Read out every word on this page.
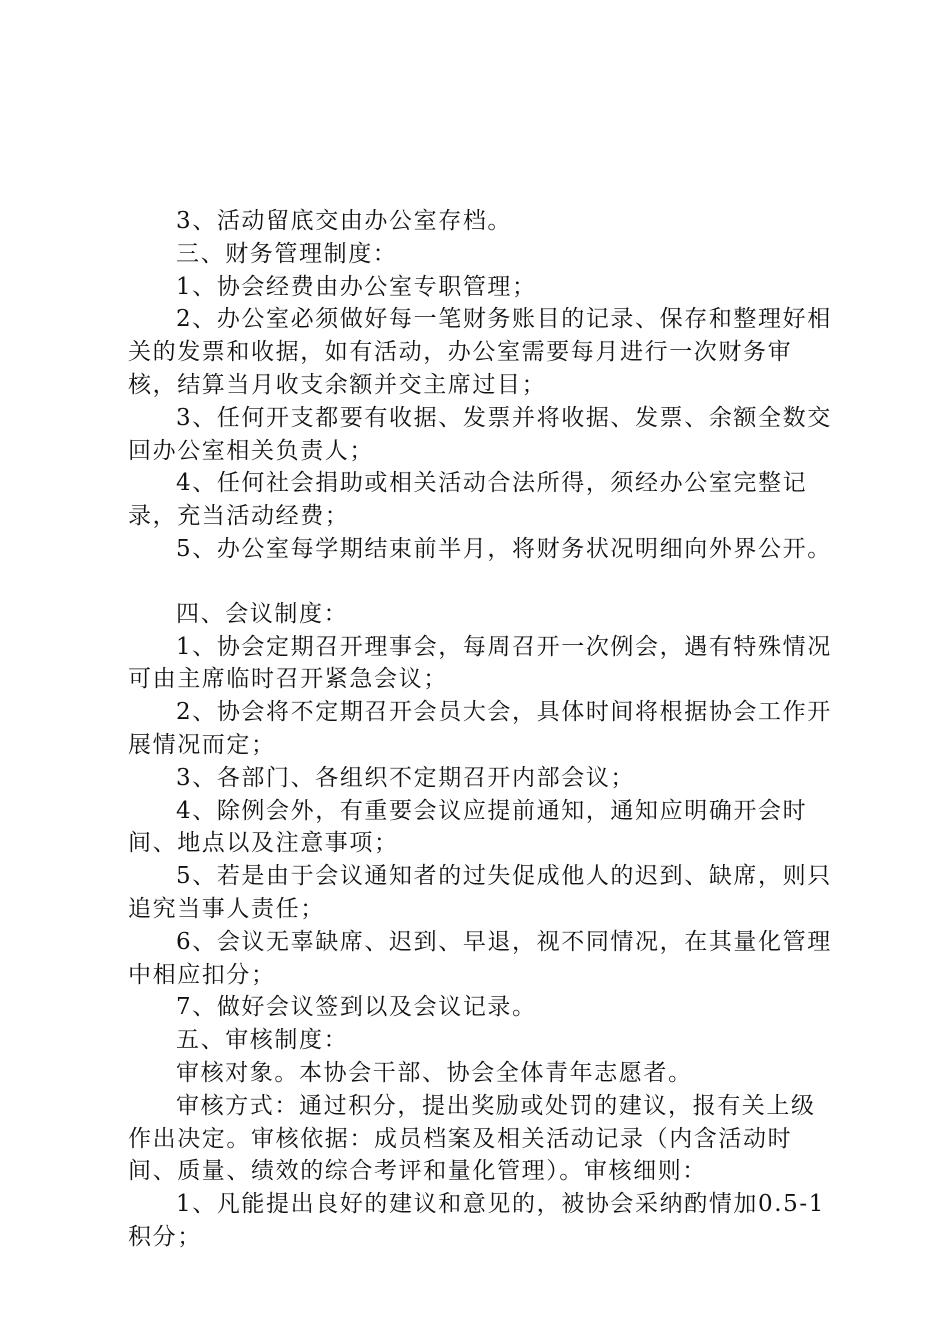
3、活动留底交由办公室存档。

三、财务管理制度：

1、协会经费由办公室专职管理；

2、办公室必须做好每一笔财务账目的记录、保存和整理好相关的发票和收据，如有活动，办公室需要每月进行一次财务审核，结算当月收支余额并交主席过目；

3、任何开支都要有收据、发票并将收据、发票、余额全数交回办公室相关负责人；

4、任何社会捐助或相关活动合法所得，须经办公室完整记录，充当活动经费；

5、办公室每学期结束前半月，将财务状况明细向外界公开。

四、会议制度：

1、协会定期召开理事会，每周召开一次例会，遇有特殊情况可由主席临时召开紧急会议；

2、协会将不定期召开会员大会，具体时间将根据协会工作开展情况而定；

3、各部门、各组织不定期召开内部会议；

4、除例会外，有重要会议应提前通知，通知应明确开会时间、地点以及注意事项；

5、若是由于会议通知者的过失促成他人的迟到、缺席，则只追究当事人责任；

6、会议无辜缺席、迟到、早退，视不同情况，在其量化管理中相应扣分；

7、做好会议签到以及会议记录。

五、审核制度：

审核对象。本协会干部、协会全体青年志愿者。

审核方式：通过积分，提出奖励或处罚的建议，报有关上级作出决定。审核依据：成员档案及相关活动记录（内含活动时间、质量、绩效的综合考评和量化管理）。审核细则：

1、凡能提出良好的建议和意见的，被协会采纳酌情加0.5-1积分；
